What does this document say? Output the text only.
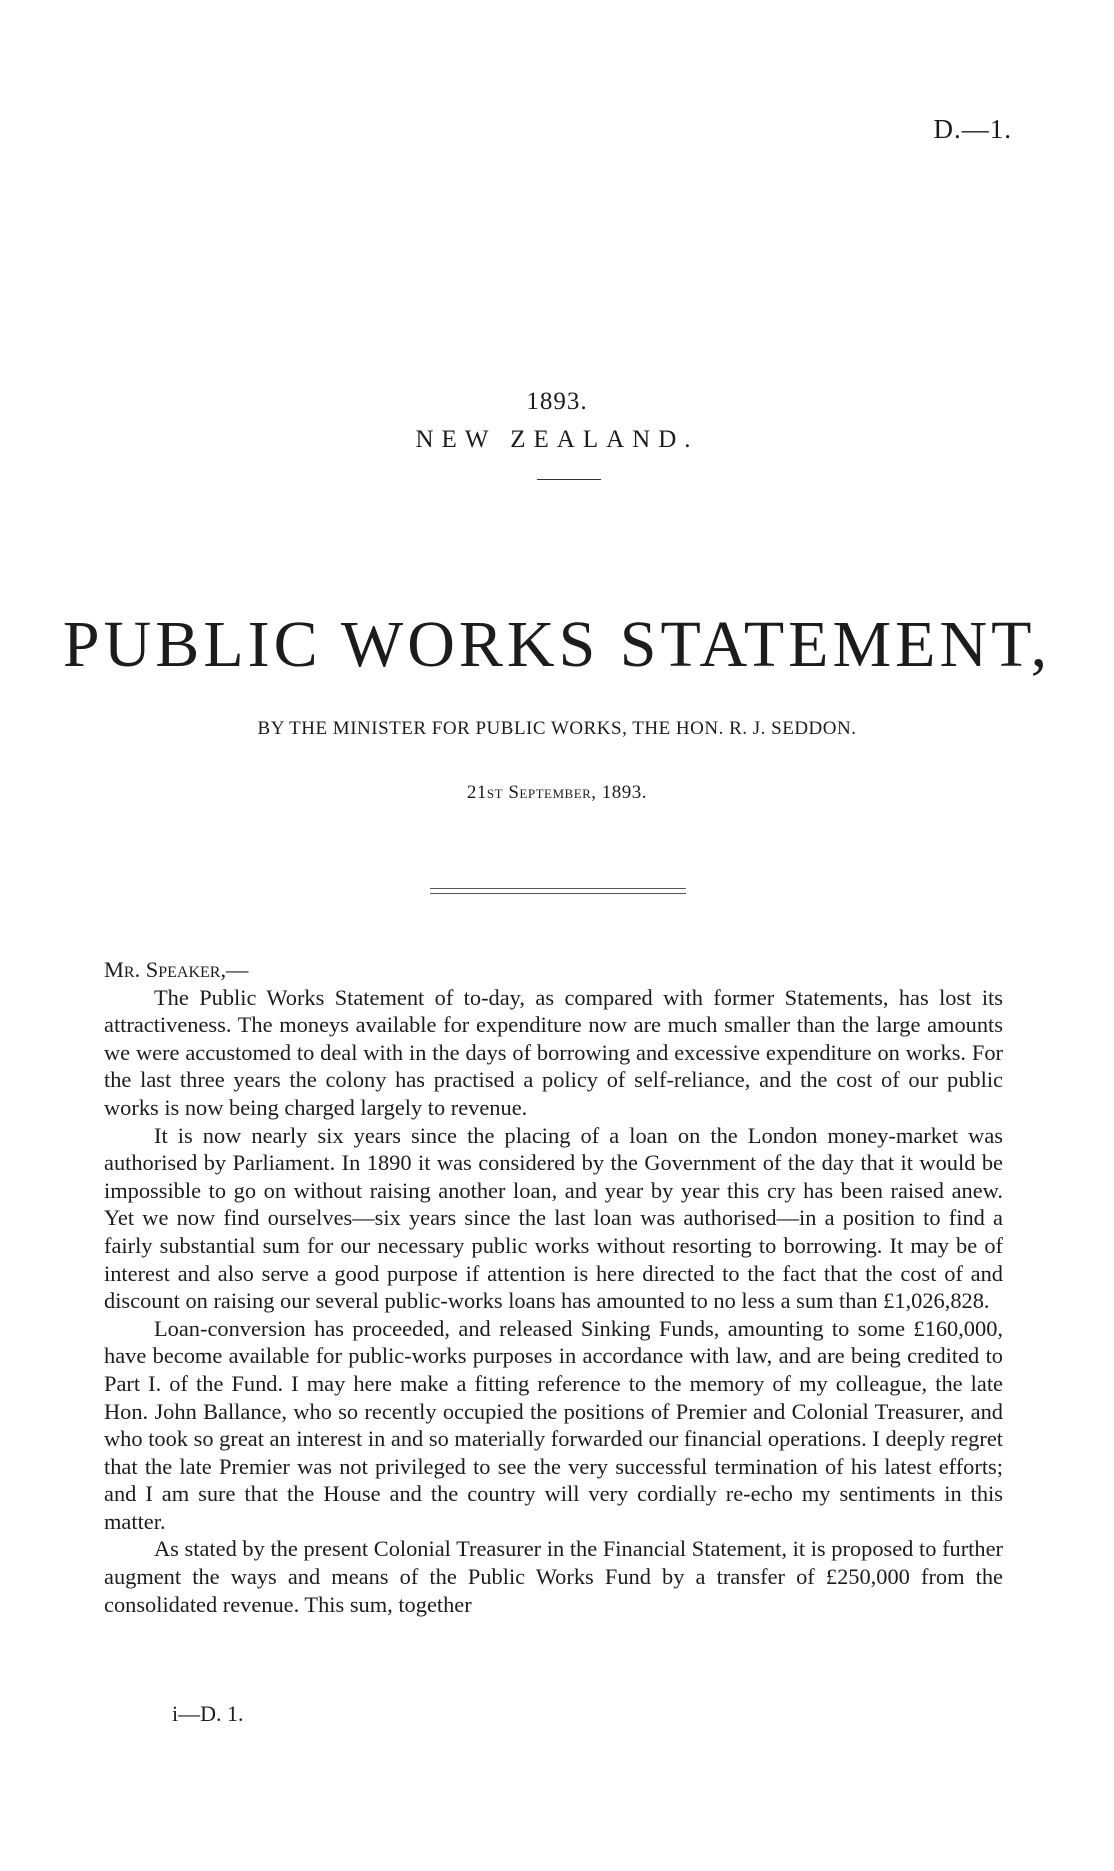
D.—1.
1893.
NEW ZEALAND.
PUBLIC WORKS STATEMENT,
BY THE MINISTER FOR PUBLIC WORKS, THE HON. R. J. SEDDON.
21st September, 1893.

Mr. Speaker,—

The Public Works Statement of to-day, as compared with former Statements, has lost its attractiveness. The moneys available for expenditure now are much smaller than the large amounts we were accustomed to deal with in the days of borrowing and excessive expenditure on works. For the last three years the colony has practised a policy of self-reliance, and the cost of our public works is now being charged largely to revenue.

It is now nearly six years since the placing of a loan on the London money-market was authorised by Parliament. In 1890 it was considered by the Government of the day that it would be impossible to go on without raising another loan, and year by year this cry has been raised anew. Yet we now find ourselves—six years since the last loan was authorised—in a position to find a fairly substantial sum for our necessary public works without resorting to borrowing. It may be of interest and also serve a good purpose if attention is here directed to the fact that the cost of and discount on raising our several public-works loans has amounted to no less a sum than £1,026,828.

Loan-conversion has proceeded, and released Sinking Funds, amounting to some £160,000, have become available for public-works purposes in accordance with law, and are being credited to Part I. of the Fund. I may here make a fitting reference to the memory of my colleague, the late Hon. John Ballance, who so recently occupied the positions of Premier and Colonial Treasurer, and who took so great an interest in and so materially forwarded our financial operations. I deeply regret that the late Premier was not privileged to see the very successful termination of his latest efforts; and I am sure that the House and the country will very cordially re-echo my sentiments in this matter.

As stated by the present Colonial Treasurer in the Financial Statement, it is proposed to further augment the ways and means of the Public Works Fund by a transfer of £250,000 from the consolidated revenue. This sum, together

i—D. 1.
